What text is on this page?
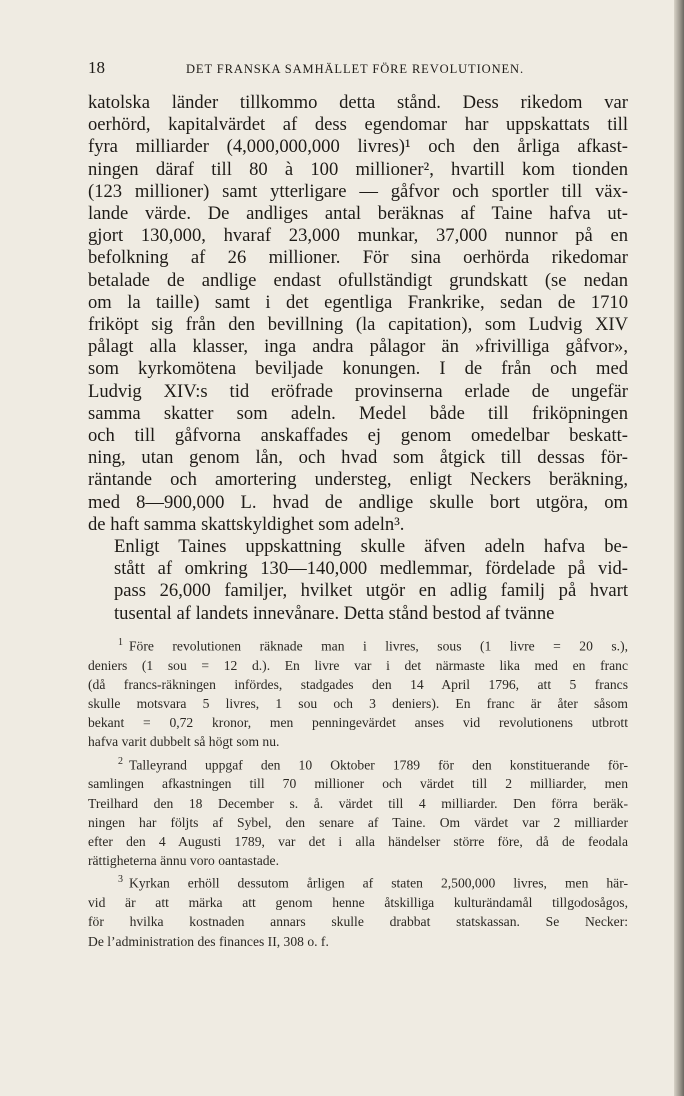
18	DET FRANSKA SAMHÄLLET FÖRE REVOLUTIONEN.

katolska länder tillkommo detta stånd. Dess rikedom var
oerhörd, kapitalvärdet af dess egendomar har uppskattats till
fyra milliarder (4,000,000,000 livres)¹ och den årliga afkast-
ningen däraf till 80 à 100 millioner², hvartill kom tionden
(123 millioner) samt ytterligare — gåfvor och sportler till väx-
lande värde. De andliges antal beräknas af Taine hafva ut-
gjort 130,000, hvaraf 23,000 munkar, 37,000 nunnor på en
befolkning af 26 millioner. För sina oerhörda rikedomar
betalade de andlige endast ofullständigt grundskatt (se nedan
om la taille) samt i det egentliga Frankrike, sedan de 1710
friköpt sig från den bevillning (la capitation), som Ludvig XIV
pålagt alla klasser, inga andra pålagor än »frivilliga gåfvor»,
som kyrkomötena beviljade konungen. I de från och med
Ludvig XIV:s tid eröfrade provinserna erlade de ungefär
samma skatter som adeln. Medel både till friköpningen
och till gåfvorna anskaffades ej genom omedelbar beskatt-
ning, utan genom lån, och hvad som åtgick till dessas för-
räntande och amortering understeg, enligt Neckers beräkning,
med 8—900,000 L. hvad de andlige skulle bort utgöra, om
de haft samma skattskyldighet som adeln³.

Enligt Taines uppskattning skulle äfven adeln hafva be-
stått af omkring 130—140,000 medlemmar, fördelade på vid-
pass 26,000 familjer, hvilket utgör en adlig familj på hvart
tusental af landets innevånare. Detta stånd bestod af tvänne

$^1$ Före revolutionen räknade man i livres, sous (1 livre = 20 s.),
deniers (1 sou = 12 d.). En livre var i det närmaste lika med en franc
(då francs-räkningen infördes, stadgades den 14 April 1796, att 5 francs
skulle motsvara 5 livres, 1 sou och 3 deniers). En franc är åter såsom
bekant = 0,72 kronor, men penningevärdet anses vid revolutionens utbrott
hafva varit dubbelt så högt som nu.
$^2$ Talleyrand uppgaf den 10 Oktober 1789 för den konstituerande för-
samlingen afkastningen till 70 millioner och värdet till 2 milliarder, men
Treilhard den 18 December s. å. värdet till 4 milliarder. Den förra beräk-
ningen har följts af Sybel, den senare af Taine. Om värdet var 2 milliarder
efter den 4 Augusti 1789, var det i alla händelser större före, då de feodala
rättigheterna ännu voro oantastade.
$^3$ Kyrkan erhöll dessutom årligen af staten 2,500,000 livres, men här-
vid är att märka att genom henne åtskilliga kulturändamål tillgodosågos,
för hvilka kostnaden annars skulle drabbat statskassan. Se Necker:
De l’administration des finances II, 308 o. f.
